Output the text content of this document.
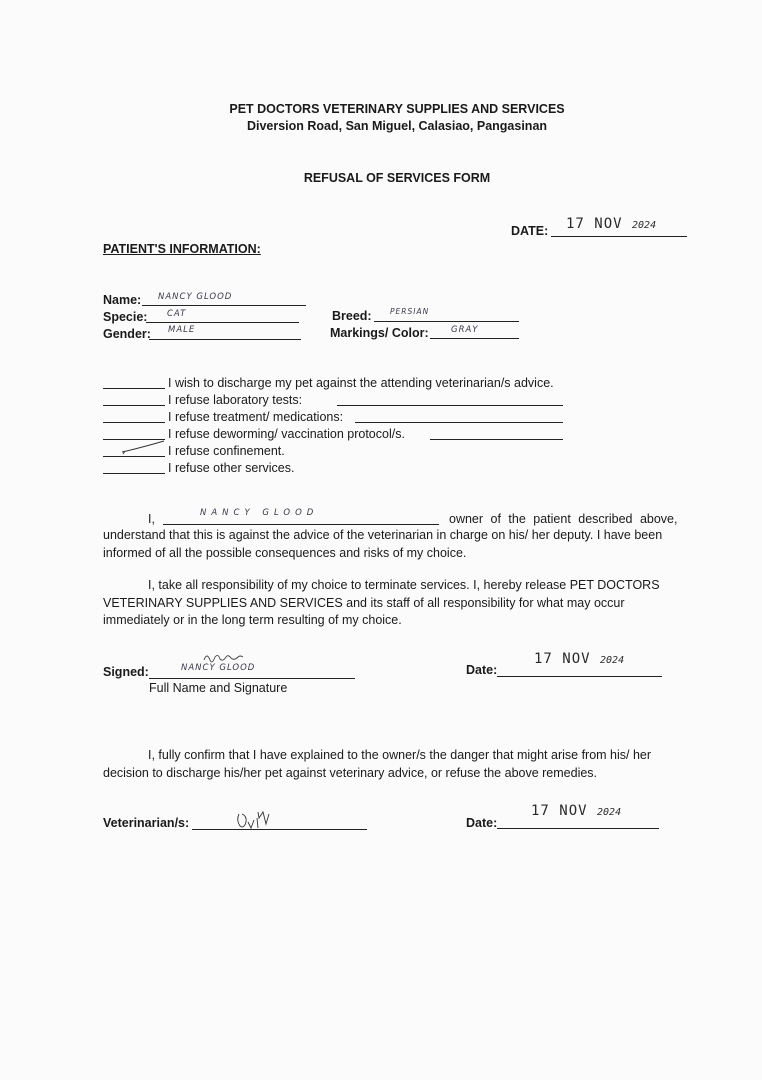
PET DOCTORS VETERINARY SUPPLIES AND SERVICES
Diversion Road, San Miguel, Calasiao, Pangasinan
REFUSAL OF SERVICES FORM
DATE: 17 NOV 2024
PATIENT'S INFORMATION:
Name: NANCY GLOOD
Specie: CAT
Gender: MALE
Breed: PERSIAN
Markings/ Color:	GRAY
I wish to discharge my pet against the attending veterinarian/s advice.
I refuse laboratory tests:
I refuse treatment/ medications:
I refuse deworming/ vaccination protocol/s.
I refuse confinement.
I refuse other services.
I,	NANCY GLOOD	owner of the patient described above,
understand that this is against the advice of the veterinarian in charge on his/ her deputy. I have been informed of all the possible consequences and risks of my choice.
I, take all responsibility of my choice to terminate services. I, hereby release PET DOCTORS VETERINARY SUPPLIES AND SERVICES and its staff of all responsibility for what may occur immediately or in the long term resulting of my choice.
Signed:	NANCY GLOOD
Full Name and Signature
Date:
17 NOV 2024
I, fully confirm that I have explained to the owner/s the danger that might arise from his/ her decision to discharge his/her pet against veterinary advice, or refuse the above remedies.
Veterinarian/s:	Date:
17 NOV 2024
